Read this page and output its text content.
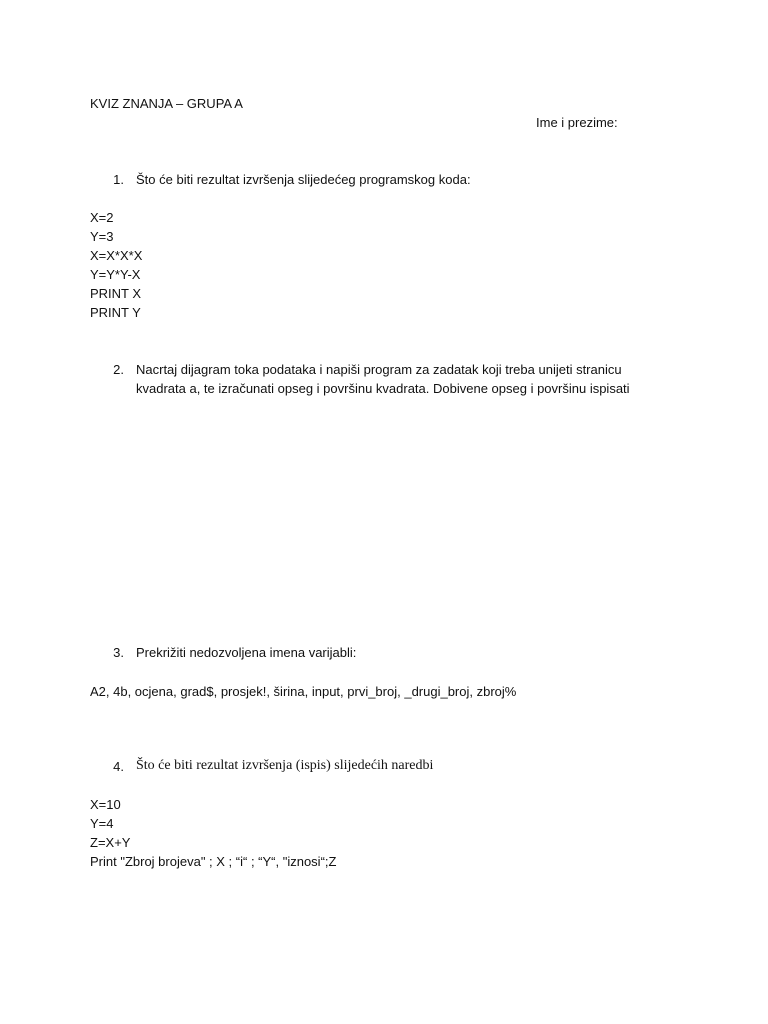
KVIZ ZNANJA – GRUPA A
Ime i prezime:
1. Što će biti rezultat izvršenja slijedećeg programskog koda:
X=2
Y=3
X=X*X*X
Y=Y*Y-X
PRINT X
PRINT Y
2. Nacrtaj dijagram toka podataka i napiši program za zadatak koji treba unijeti stranicu
kvadrata a, te izračunati opseg i površinu kvadrata. Dobivene opseg i površinu ispisati
3. Prekrižiti nedozvoljena imena varijabli:
A2, 4b, ocjena, grad$, prosjek!, širina, input, prvi_broj, _drugi_broj, zbroj%
4. Što će biti rezultat izvršenja (ispis) slijedećih naredbi
X=10
Y=4
Z=X+Y
Print "Zbroj brojeva" ; X ; “i“ ; “Y“, "iznosi“;Z
